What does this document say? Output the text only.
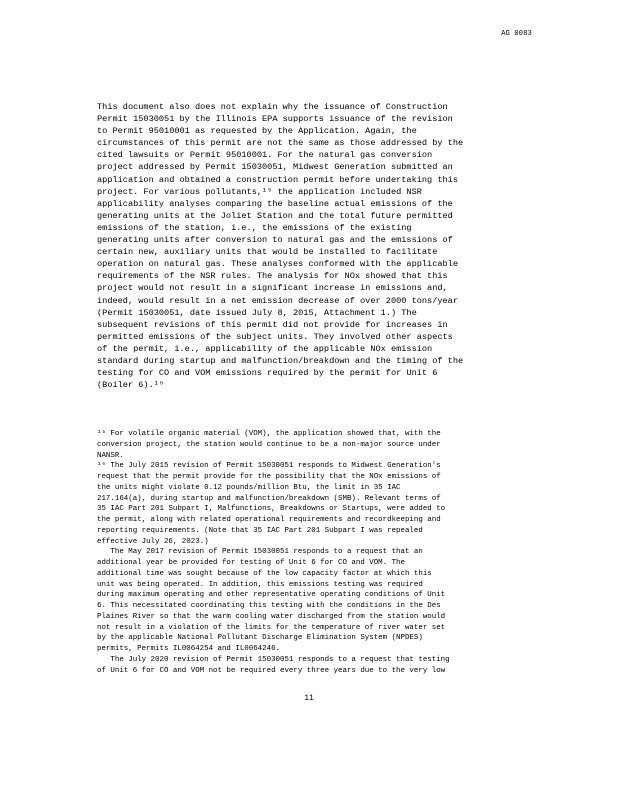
AG 0083
This document also does not explain why the issuance of Construction
Permit 15030051 by the Illinois EPA supports issuance of the revision
to Permit 95010001 as requested by the Application. Again, the
circumstances of this permit are not the same as those addressed by the
cited lawsuits or Permit 95010001. For the natural gas conversion
project addressed by Permit 15030051, Midwest Generation submitted an
application and obtained a construction permit before undertaking this
project. For various pollutants,¹⁵ the application included NSR
applicability analyses comparing the baseline actual emissions of the
generating units at the Joliet Station and the total future permitted
emissions of the station, i.e., the emissions of the existing
generating units after conversion to natural gas and the emissions of
certain new, auxiliary units that would be installed to facilitate
operation on natural gas. These analyses conformed with the applicable
requirements of the NSR rules. The analysis for NOx showed that this
project would not result in a significant increase in emissions and,
indeed, would result in a net emission decrease of over 2000 tons/year
(Permit 15030051, date issued July 8, 2015, Attachment 1.) The
subsequent revisions of this permit did not provide for increases in
permitted emissions of the subject units. They involved other aspects
of the permit, i.e., applicability of the applicable NOx emission
standard during startup and malfunction/breakdown and the timing of the
testing for CO and VOM emissions required by the permit for Unit 6
(Boiler 6).¹⁶
¹⁵ For volatile organic material (VOM), the application showed that, with the
conversion project, the station would continue to be a non-major source under
NANSR.
¹⁶ The July 2015 revision of Permit 15030051 responds to Midwest Generation's
request that the permit provide for the possibility that the NOx emissions of
the units might violate 0.12 pounds/million Btu, the limit in 35 IAC
217.164(a), during startup and malfunction/breakdown (SMB). Relevant terms of
35 IAC Part 201 Subpart I, Malfunctions, Breakdowns or Startups, were added to
the permit, along with related operational requirements and recordkeeping and
reporting requirements. (Note that 35 IAC Part 201 Subpart I was repealed
effective July 26, 2023.)
The May 2017 revision of Permit 15030051 responds to a request that an
additional year be provided for testing of Unit 6 for CO and VOM. The
additional time was sought because of the low capacity factor at which this
unit was being operated. In addition, this emissions testing was required
during maximum operating and other representative operating conditions of Unit
6. This necessitated coordinating this testing with the conditions in the Des
Plaines River so that the warm cooling water discharged from the station would
not result in a violation of the limits for the temperature of river water set
by the applicable National Pollutant Discharge Elimination System (NPDES)
permits, Permits IL0064254 and IL0064246.
The July 2020 revision of Permit 15030051 responds to a request that testing
of Unit 6 for CO and VOM not be required every three years due to the very low
11
